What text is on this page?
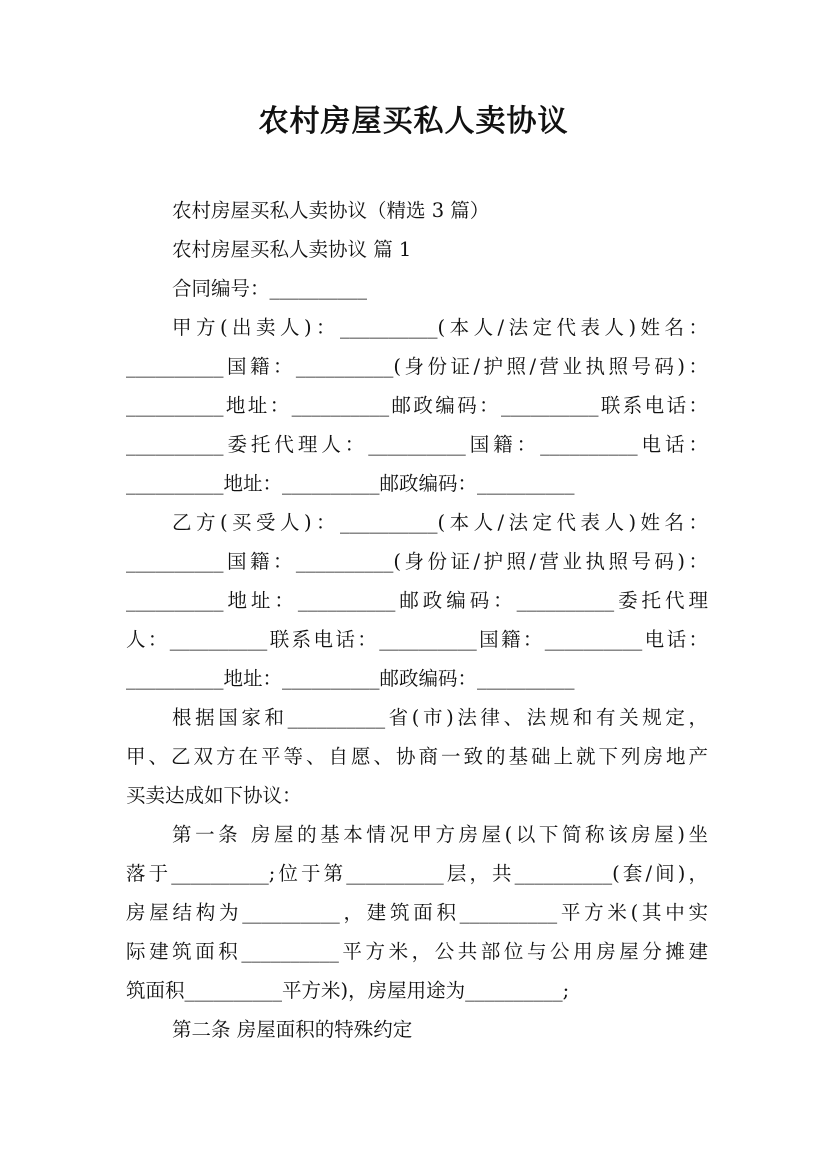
农村房屋买私人卖协议
农村房屋买私人卖协议（精选 3 篇）
农村房屋买私人卖协议 篇 1
合同编号：__________
甲方(出卖人)：__________(本人/法定代表人)姓名：
__________国籍：__________(身份证/护照/营业执照号码)：
__________地址：__________邮政编码：__________联系电话：
__________委托代理人：__________国籍：__________电话：
__________地址：__________邮政编码：__________
乙方(买受人)：__________(本人/法定代表人)姓名：
__________国籍：__________(身份证/护照/营业执照号码)：
__________地址：__________邮政编码：__________委托代理
人：__________联系电话：__________国籍：__________电话：
__________地址：__________邮政编码：__________
根据国家和__________省(市)法律、法规和有关规定，
甲、乙双方在平等、自愿、协商一致的基础上就下列房地产
买卖达成如下协议：
第一条 房屋的基本情况甲方房屋(以下简称该房屋)坐
落于__________;位于第__________层，共__________(套/间)，
房屋结构为__________，建筑面积__________平方米(其中实
际建筑面积__________平方米，公共部位与公用房屋分摊建
筑面积__________平方米)，房屋用途为__________;
第二条 房屋面积的特殊约定
